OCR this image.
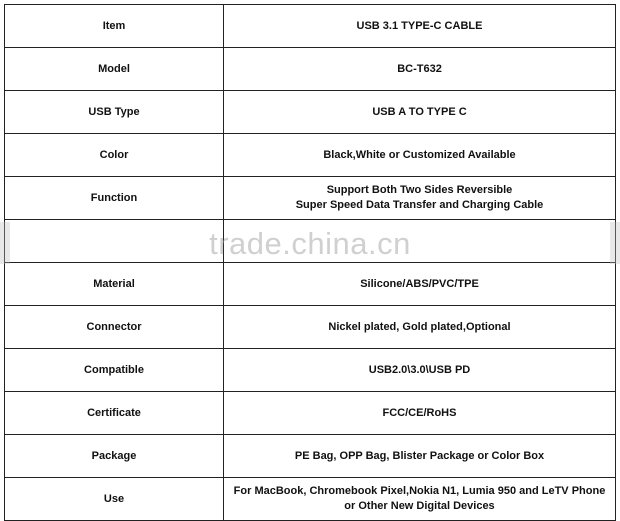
Item	USB 3.1 TYPE-C CABLE
Model	BC-T632
USB Type	USB A TO TYPE C
Color	Black,White or Customized Available
Function	Support Both Two Sides Reversible
Super Speed Data Transfer and Charging Cable

Material	Silicone/ABS/PVC/TPE
Connector	Nickel plated, Gold plated,Optional
Compatible	USB2.0\3.0\USB PD
Certificate	FCC/CE/RoHS
Package	PE Bag, OPP Bag, Blister Package or Color Box
Use	For MacBook, Chromebook Pixel,Nokia N1, Lumia 950 and LeTV Phone
or Other New Digital Devices
trade.china.cn
